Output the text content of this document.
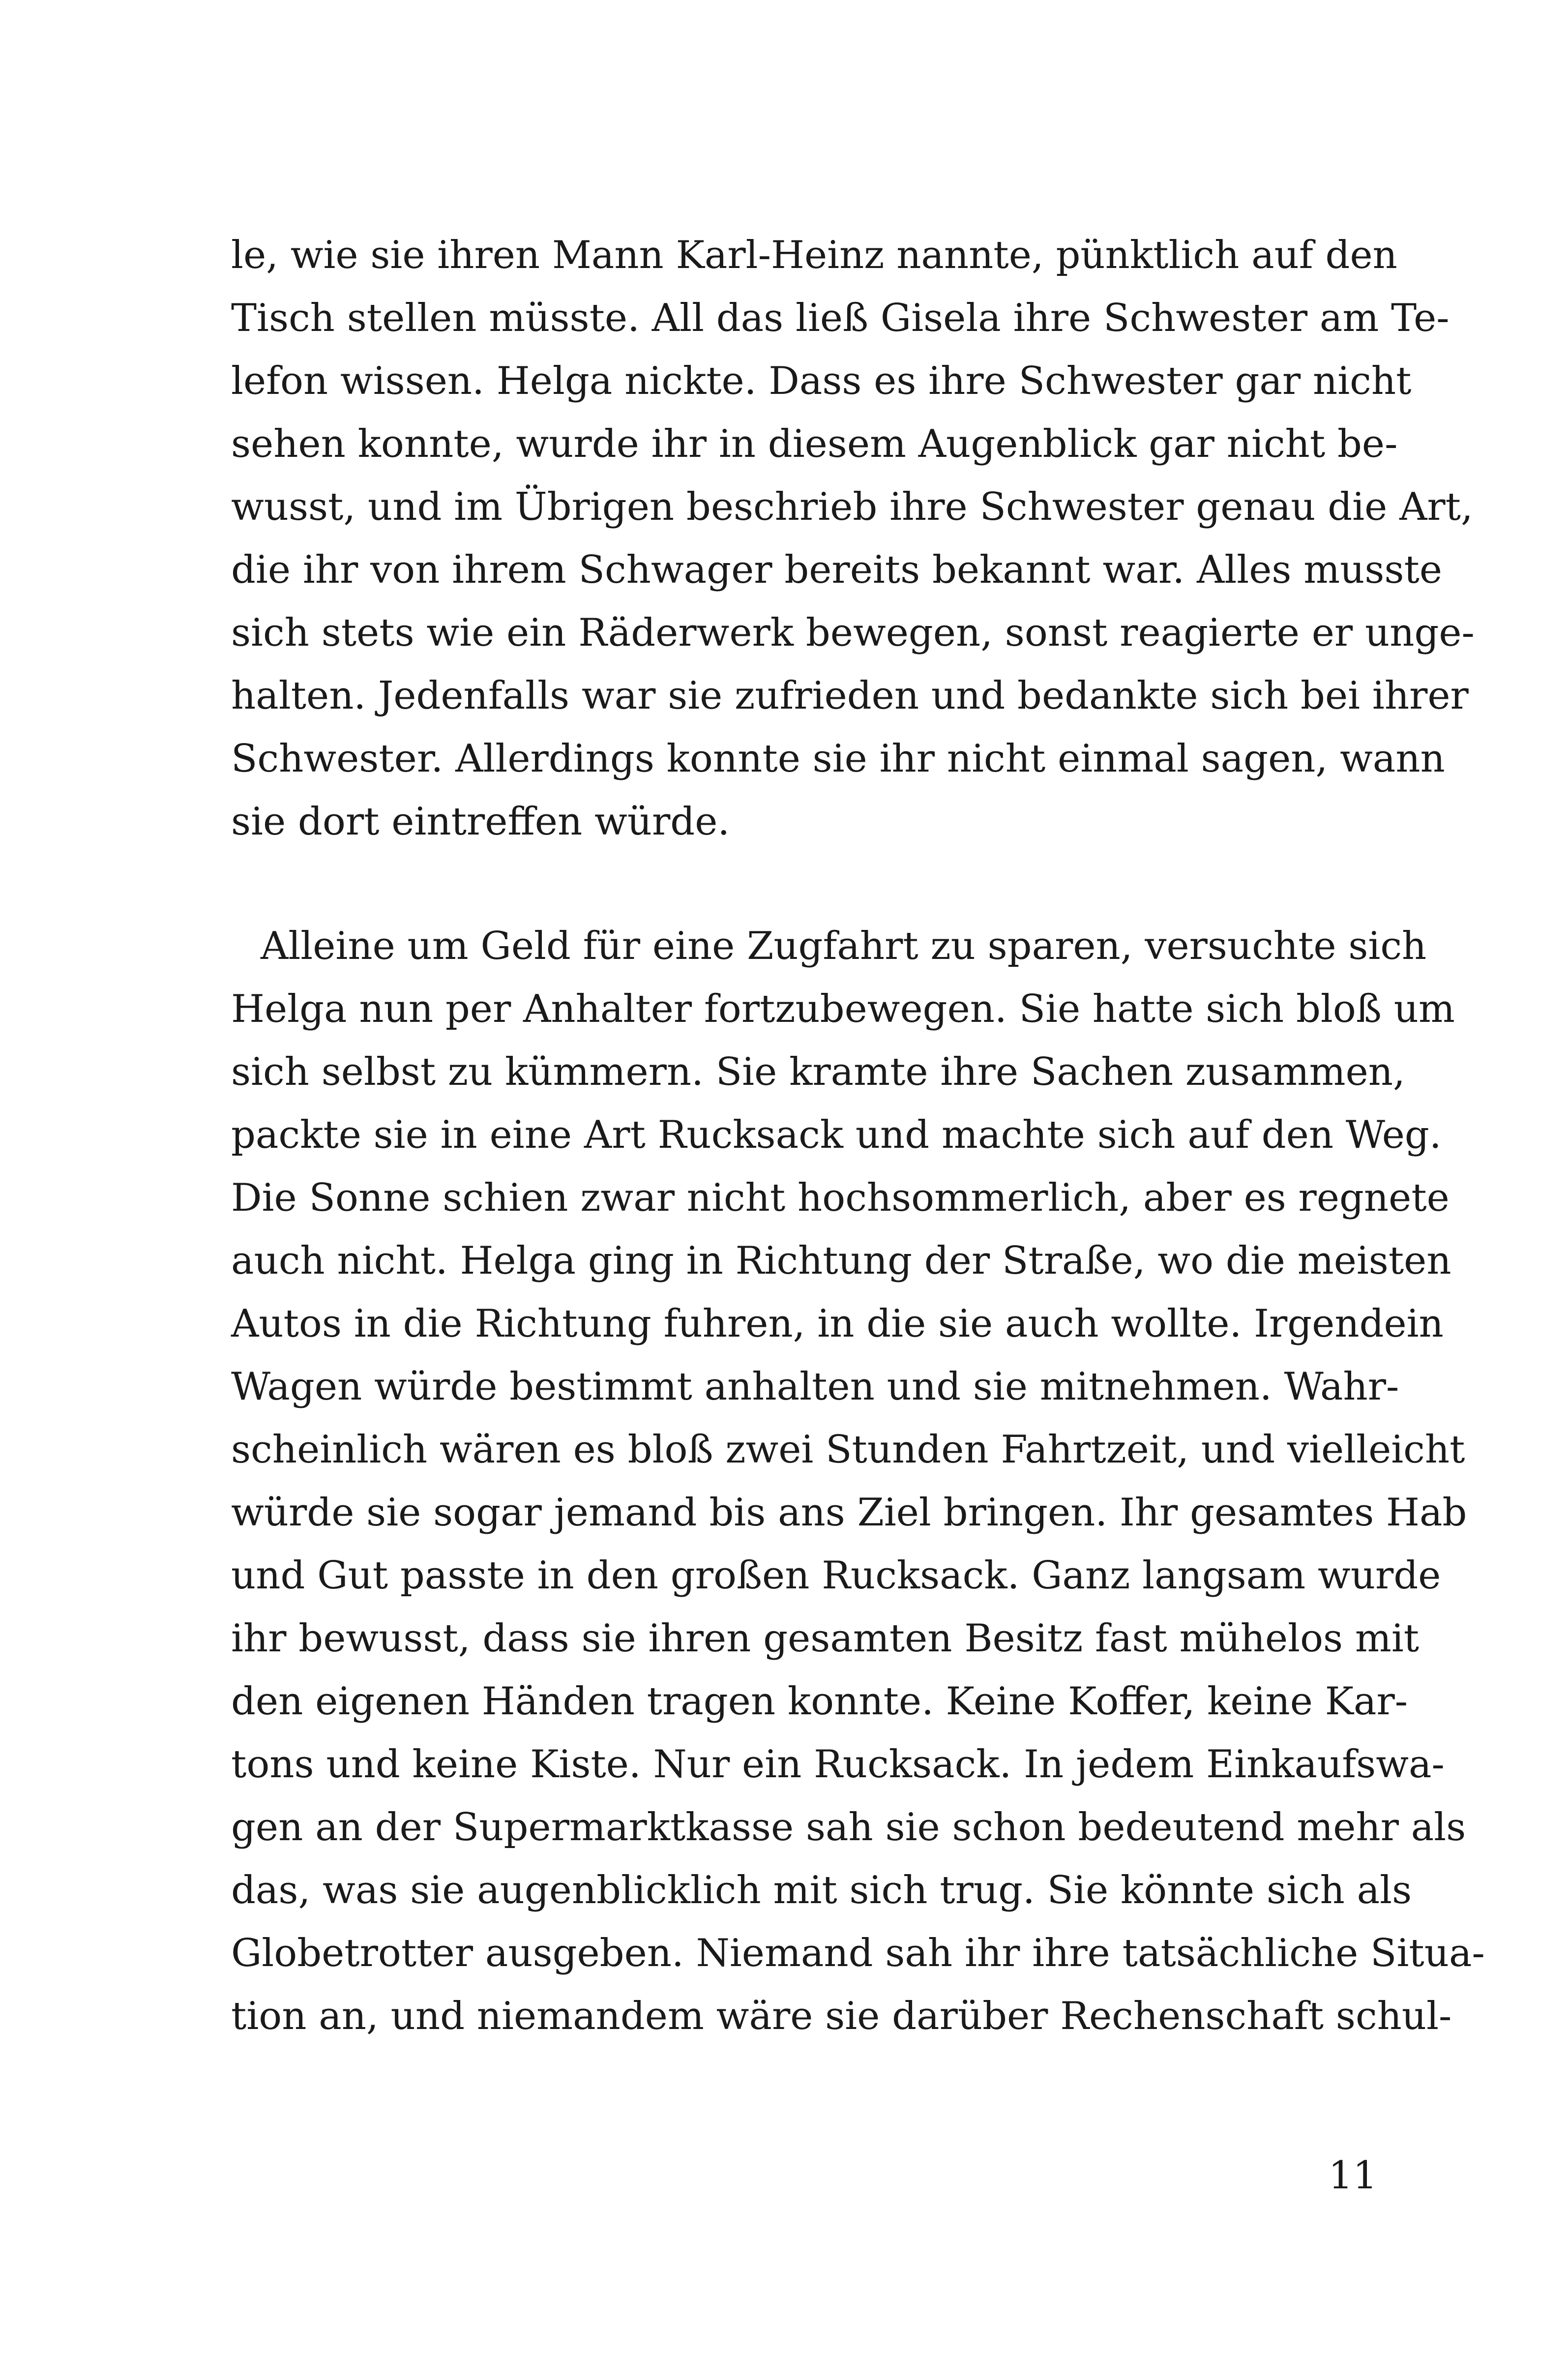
le, wie sie ihren Mann Karl-Heinz nannte, pünktlich auf den
Tisch stellen müsste. All das ließ Gisela ihre Schwester am Te-
lefon wissen. Helga nickte. Dass es ihre Schwester gar nicht
sehen konnte, wurde ihr in diesem Augenblick gar nicht be-
wusst, und im Übrigen beschrieb ihre Schwester genau die Art,
die ihr von ihrem Schwager bereits bekannt war. Alles musste
sich stets wie ein Räderwerk bewegen, sonst reagierte er unge-
halten. Jedenfalls war sie zufrieden und bedankte sich bei ihrer
Schwester. Allerdings konnte sie ihr nicht einmal sagen, wann
sie dort eintreffen würde.
Alleine um Geld für eine Zugfahrt zu sparen, versuchte sich
Helga nun per Anhalter fortzubewegen. Sie hatte sich bloß um
sich selbst zu kümmern. Sie kramte ihre Sachen zusammen,
packte sie in eine Art Rucksack und machte sich auf den Weg.
Die Sonne schien zwar nicht hochsommerlich, aber es regnete
auch nicht. Helga ging in Richtung der Straße, wo die meisten
Autos in die Richtung fuhren, in die sie auch wollte. Irgendein
Wagen würde bestimmt anhalten und sie mitnehmen. Wahr-
scheinlich wären es bloß zwei Stunden Fahrtzeit, und vielleicht
würde sie sogar jemand bis ans Ziel bringen. Ihr gesamtes Hab
und Gut passte in den großen Rucksack. Ganz langsam wurde
ihr bewusst, dass sie ihren gesamten Besitz fast mühelos mit
den eigenen Händen tragen konnte. Keine Koffer, keine Kar-
tons und keine Kiste. Nur ein Rucksack. In jedem Einkaufswa-
gen an der Supermarktkasse sah sie schon bedeutend mehr als
das, was sie augenblicklich mit sich trug. Sie könnte sich als
Globetrotter ausgeben. Niemand sah ihr ihre tatsächliche Situa-
tion an, und niemandem wäre sie darüber Rechenschaft schul-
11
